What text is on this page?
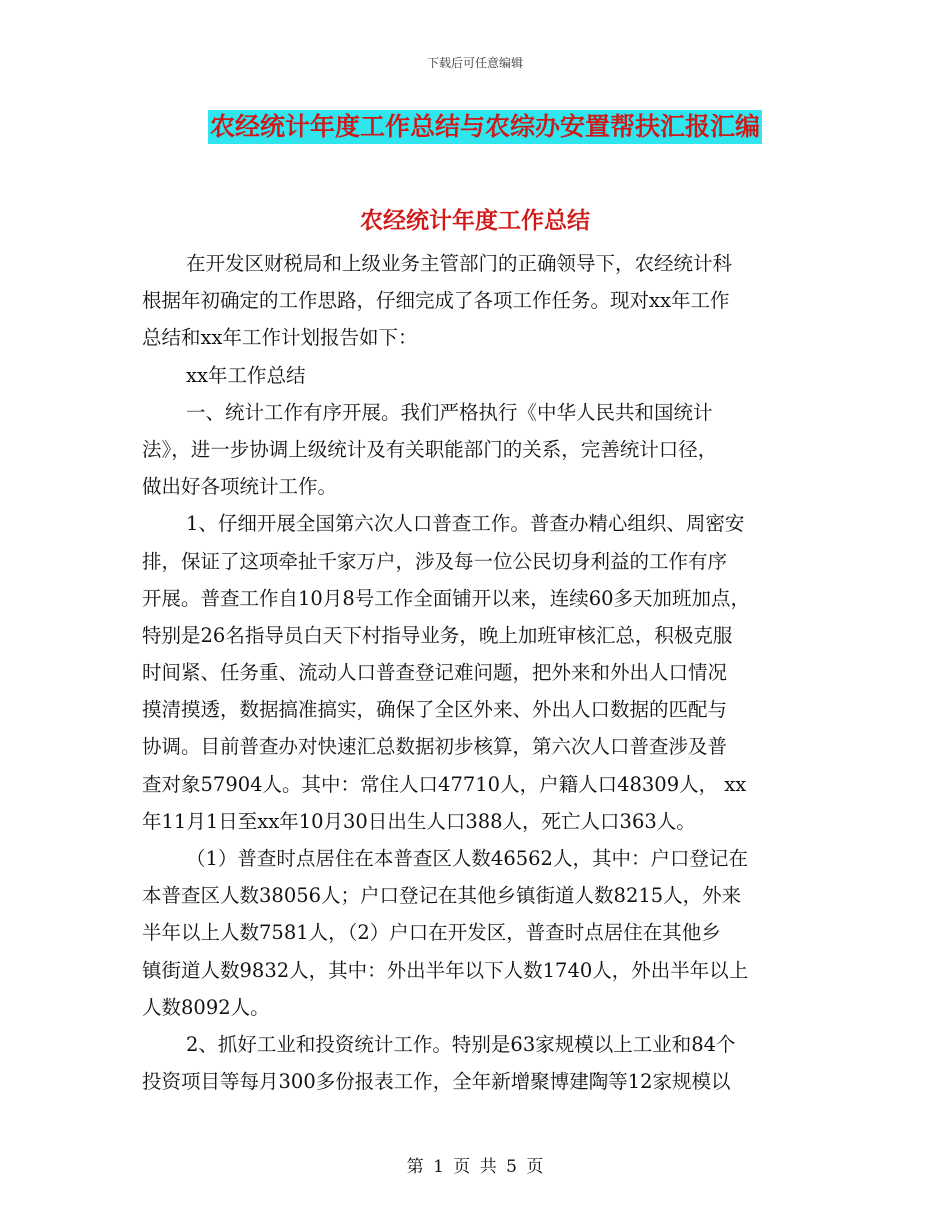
下载后可任意编辑
农经统计年度工作总结与农综办安置帮扶汇报汇编
农经统计年度工作总结
在开发区财税局和上级业务主管部门的正确领导下，农经统计科
根据年初确定的工作思路，仔细完成了各项工作任务。现对xx年工作
总结和xx年工作计划报告如下：
xx年工作总结
一、统计工作有序开展。我们严格执行《中华人民共和国统计
法》，进一步协调上级统计及有关职能部门的关系，完善统计口径，
做出好各项统计工作。
1、仔细开展全国第六次人口普查工作。普查办精心组织、周密安
排，保证了这项牵扯千家万户，涉及每一位公民切身利益的工作有序
开展。普查工作自10月8号工作全面铺开以来，连续60多天加班加点，
特别是26名指导员白天下村指导业务，晚上加班审核汇总，积极克服
时间紧、任务重、流动人口普查登记难问题，把外来和外出人口情况
摸清摸透，数据搞准搞实，确保了全区外来、外出人口数据的匹配与
协调。目前普查办对快速汇总数据初步核算，第六次人口普查涉及普
查对象57904人。其中：常住人口47710人，户籍人口48309人， xx
年11月1日至xx年10月30日出生人口388人，死亡人口363人。
（1）普查时点居住在本普查区人数46562人，其中：户口登记在
本普查区人数38056人；户口登记在其他乡镇街道人数8215人，外来
半年以上人数7581人，（2）户口在开发区，普查时点居住在其他乡
镇街道人数9832人，其中：外出半年以下人数1740人，外出半年以上
人数8092人。
2、抓好工业和投资统计工作。特别是63家规模以上工业和84个
投资项目等每月300多份报表工作，全年新增聚博建陶等12家规模以
第 1 页 共 5 页
